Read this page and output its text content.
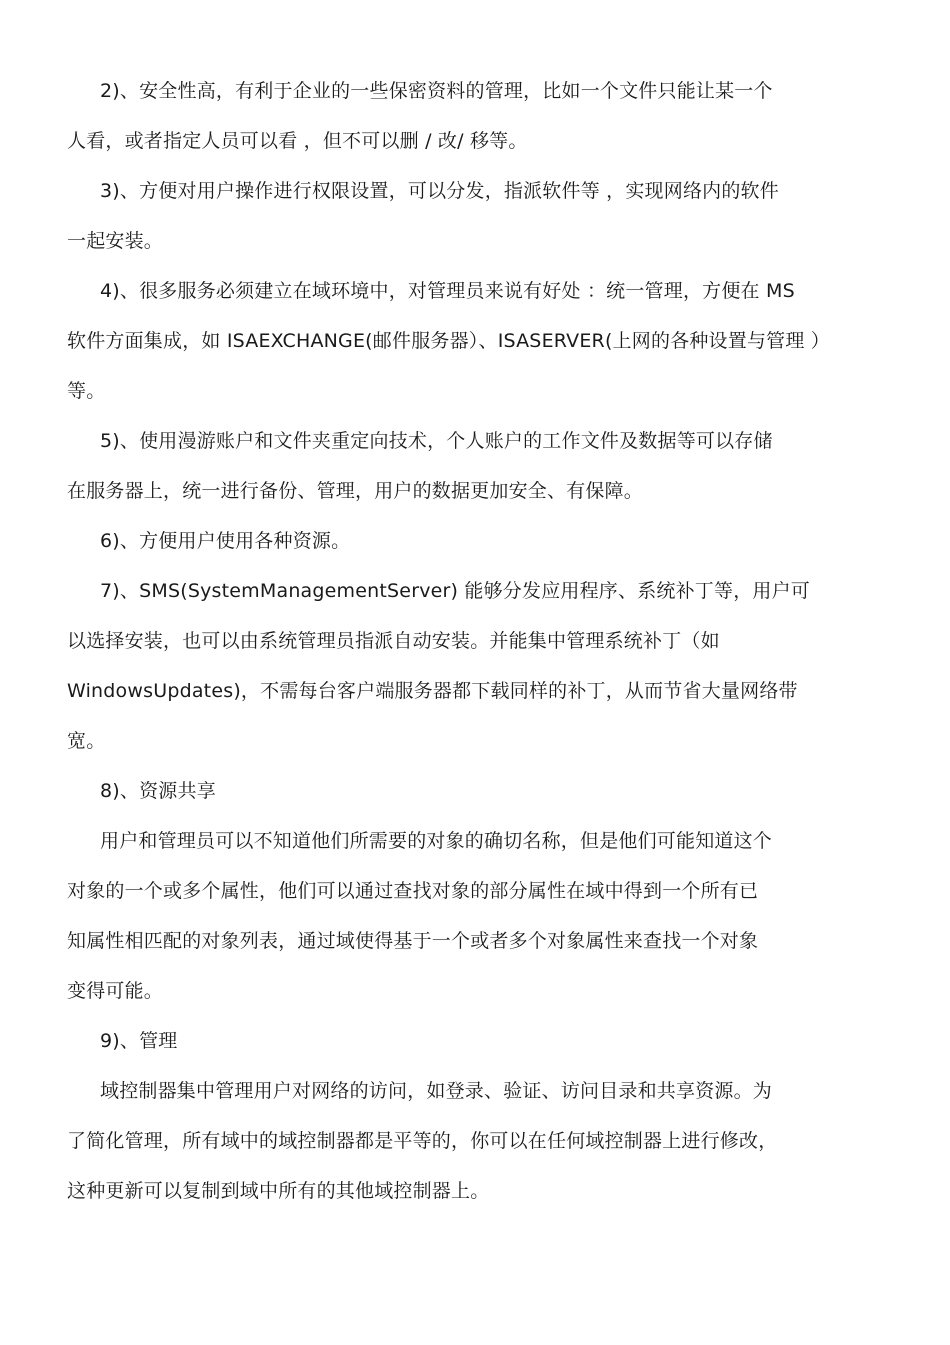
2)、安全性高，有利于企业的一些保密资料的管理，比如一个文件只能让某一个
人看，或者指定人员可以看 ，但不可以删 / 改/ 移等。
3)、方便对用户操作进行权限设置，可以分发，指派软件等 ，实现网络内的软件
一起安装。
4)、很多服务必须建立在域环境中，对管理员来说有好处 ：统一管理，方便在 MS
软件方面集成，如 ISAEXCHANGE(邮件服务器）、ISASERVER(上网的各种设置与管理 ）
等。
5)、使用漫游账户和文件夹重定向技术，个人账户的工作文件及数据等可以存储
在服务器上，统一进行备份、管理，用户的数据更加安全、有保障。
6)、方便用户使用各种资源。
7)、SMS(SystemManagementServer) 能够分发应用程序、系统补丁等，用户可
以选择安装，也可以由系统管理员指派自动安装。并能集中管理系统补丁（如
WindowsUpdates)，不需每台客户端服务器都下载同样的补丁，从而节省大量网络带
宽。
8)、资源共享
用户和管理员可以不知道他们所需要的对象的确切名称，但是他们可能知道这个
对象的一个或多个属性，他们可以通过查找对象的部分属性在域中得到一个所有已
知属性相匹配的对象列表，通过域使得基于一个或者多个对象属性来查找一个对象
变得可能。
9)、管理
域控制器集中管理用户对网络的访问，如登录、验证、访问目录和共享资源。为
了简化管理，所有域中的域控制器都是平等的，你可以在任何域控制器上进行修改，
这种更新可以复制到域中所有的其他域控制器上。
